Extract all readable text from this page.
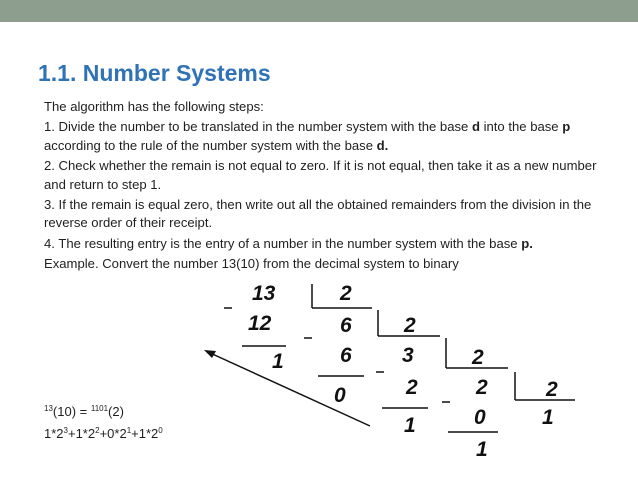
1.1. Number Systems

The algorithm has the following steps:

1. Divide the number to be translated in the number system with the base d into the base p according to the rule of the number system with the base d.

2. Check whether the remain is not equal to zero. If it is not equal, then take it as a new number and return to step 1.

3. If the remain is equal zero, then write out all the obtained remainders from the division in the reverse order of their receipt.

4. The resulting entry is the entry of a number in the number system with the base p.

Example. Convert the number 13(10) from the decimal system to binary

13	2
12	6 2
1	6 3	2
0	2	2	2
1	0	1
1
$^{13}$(10) = $^{1101}$(2)
$1*2^3+1*2^2+0*2^1+1*2^0$
